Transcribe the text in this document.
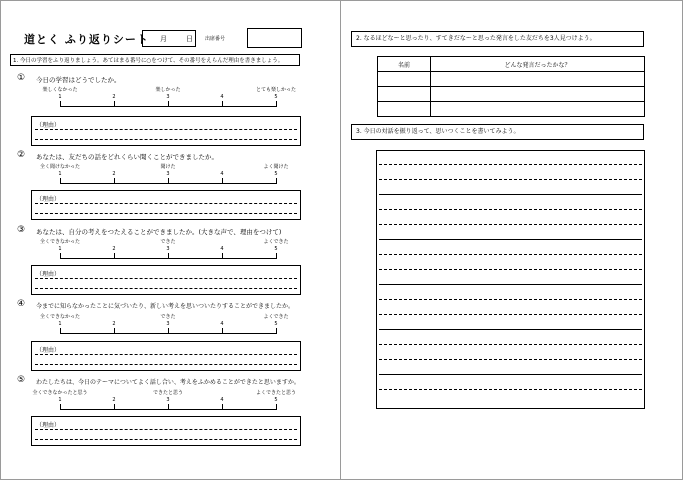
道とく ふり返りシート 月	日 出席番号
1. 今日の学習をふり返りましょう。あてはまる番号に○をつけて、その番号をえらんだ理由を書きましょう。
① 今日の学習はどうでしたか。
楽しくなかった	楽しかった	とても楽しかった
1	2	3	4	5
（理由）
② あなたは、友だちの話をどれくらい聞くことができましたか。
全く聞けなかった	聞けた	よく聞けた
1	2	3	4	5
（理由）
③ あなたは、自分の考えをつたえることができましたか。(大きな声で、理由をつけて)
全くできなかった	できた	よくできた
1	2	3	4	5
（理由）
④ 今までに知らなかったことに気づいたり、新しい考えを思いついたりすることができましたか。
全くできなかった	できた	よくできた
1	2	3	4	5
（理由）
⑤ わたしたちは、今日のテーマについてよく話し合い、考えをふかめることができたと思いますか。
全くできなかったと思う	できたと思う	よくできたと思う
1	2	3	4	5
（理由）
2. なるほどなーと思ったり、すてきだなーと思った発言をした友だちを3人見つけよう。
名前	どんな発言だったかな？

3. 今日の対話を振り返って、思いつくことを書いてみよう。
